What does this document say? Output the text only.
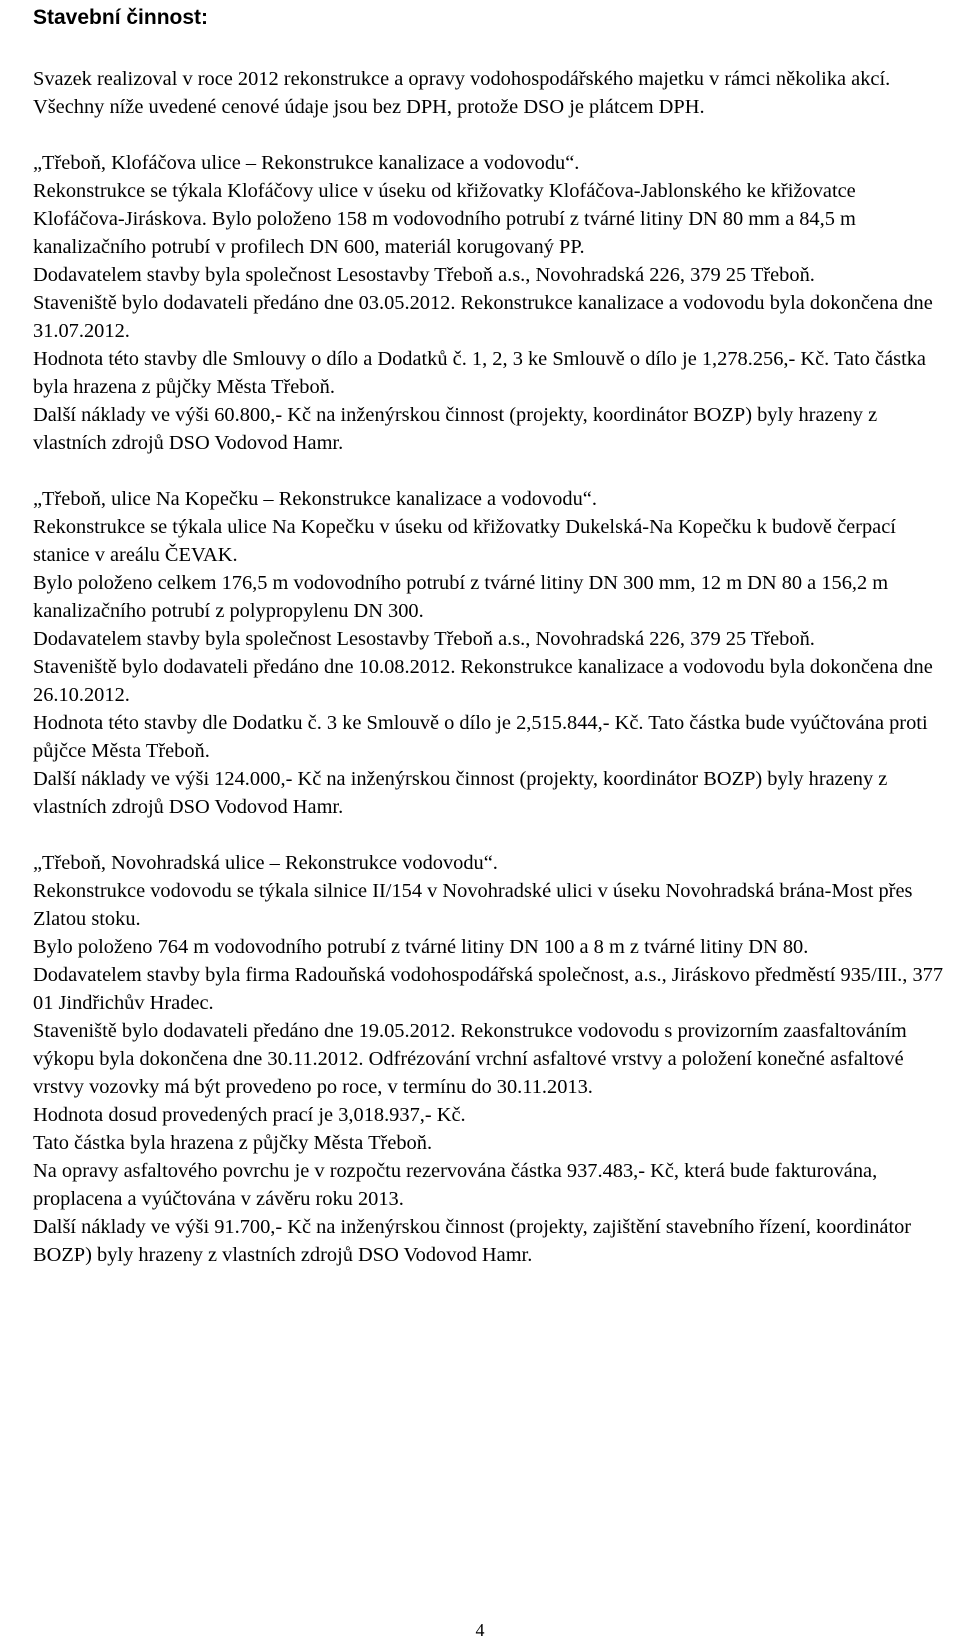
Stavební činnost:

Svazek realizoval v roce 2012 rekonstrukce a opravy vodohospodářského majetku v rámci několika akcí. Všechny níže uvedené cenové údaje jsou bez DPH, protože DSO je plátcem DPH.

„Třeboň, Klofáčova ulice – Rekonstrukce kanalizace a vodovodu“.
Rekonstrukce se týkala Klofáčovy ulice v úseku od křižovatky Klofáčova-Jablonského ke křižovatce Klofáčova-Jiráskova. Bylo položeno 158 m vodovodního potrubí z tvárné litiny DN 80 mm a 84,5 m kanalizačního potrubí v profilech DN 600, materiál korugovaný PP.
Dodavatelem stavby byla společnost Lesostavby Třeboň a.s., Novohradská 226, 379 25 Třeboň.
Staveniště bylo dodavateli předáno dne 03.05.2012. Rekonstrukce kanalizace a vodovodu byla dokončena dne 31.07.2012.
Hodnota této stavby dle Smlouvy o dílo a Dodatků č. 1, 2, 3 ke Smlouvě o dílo je 1,278.256,- Kč. Tato částka byla hrazena z půjčky Města Třeboň.
Další náklady ve výši 60.800,- Kč na inženýrskou činnost (projekty, koordinátor BOZP) byly hrazeny z vlastních zdrojů DSO Vodovod Hamr.
„Třeboň, ulice Na Kopečku – Rekonstrukce kanalizace a vodovodu“.
Rekonstrukce se týkala ulice Na Kopečku v úseku od křižovatky Dukelská-Na Kopečku k budově čerpací stanice v areálu ČEVAK.
Bylo položeno celkem 176,5 m vodovodního potrubí z tvárné litiny DN 300 mm, 12 m DN 80 a 156,2 m kanalizačního potrubí z polypropylenu DN 300.
Dodavatelem stavby byla společnost Lesostavby Třeboň a.s., Novohradská 226, 379 25 Třeboň.
Staveniště bylo dodavateli předáno dne 10.08.2012. Rekonstrukce kanalizace a vodovodu byla dokončena dne 26.10.2012.
Hodnota této stavby dle Dodatku č. 3 ke Smlouvě o dílo je 2,515.844,- Kč. Tato částka bude vyúčtována proti půjčce Města Třeboň.
Další náklady ve výši 124.000,- Kč na inženýrskou činnost (projekty, koordinátor BOZP) byly hrazeny z vlastních zdrojů DSO Vodovod Hamr.
„Třeboň, Novohradská ulice – Rekonstrukce vodovodu“.
Rekonstrukce vodovodu se týkala silnice II/154 v Novohradské ulici v úseku Novohradská brána-Most přes Zlatou stoku.
Bylo položeno 764 m vodovodního potrubí z tvárné litiny DN 100 a 8 m z tvárné litiny DN 80.
Dodavatelem stavby byla firma Radouňská vodohospodářská společnost, a.s., Jiráskovo předměstí 935/III., 377 01 Jindřichův Hradec.
Staveniště bylo dodavateli předáno dne 19.05.2012. Rekonstrukce vodovodu s provizorním zaasfaltováním výkopu byla dokončena dne 30.11.2012. Odfrézování vrchní asfaltové vrstvy a položení konečné asfaltové vrstvy vozovky má být provedeno po roce, v termínu do 30.11.2013.
Hodnota dosud provedených prací je 3,018.937,- Kč.
Tato částka byla hrazena z půjčky Města Třeboň.
Na opravy asfaltového povrchu je v rozpočtu rezervována částka 937.483,- Kč, která bude fakturována, proplacena a vyúčtována v závěru roku 2013.
Další náklady ve výši 91.700,- Kč na inženýrskou činnost (projekty, zajištění stavebního řízení, koordinátor BOZP) byly hrazeny z vlastních zdrojů DSO Vodovod Hamr.
4
